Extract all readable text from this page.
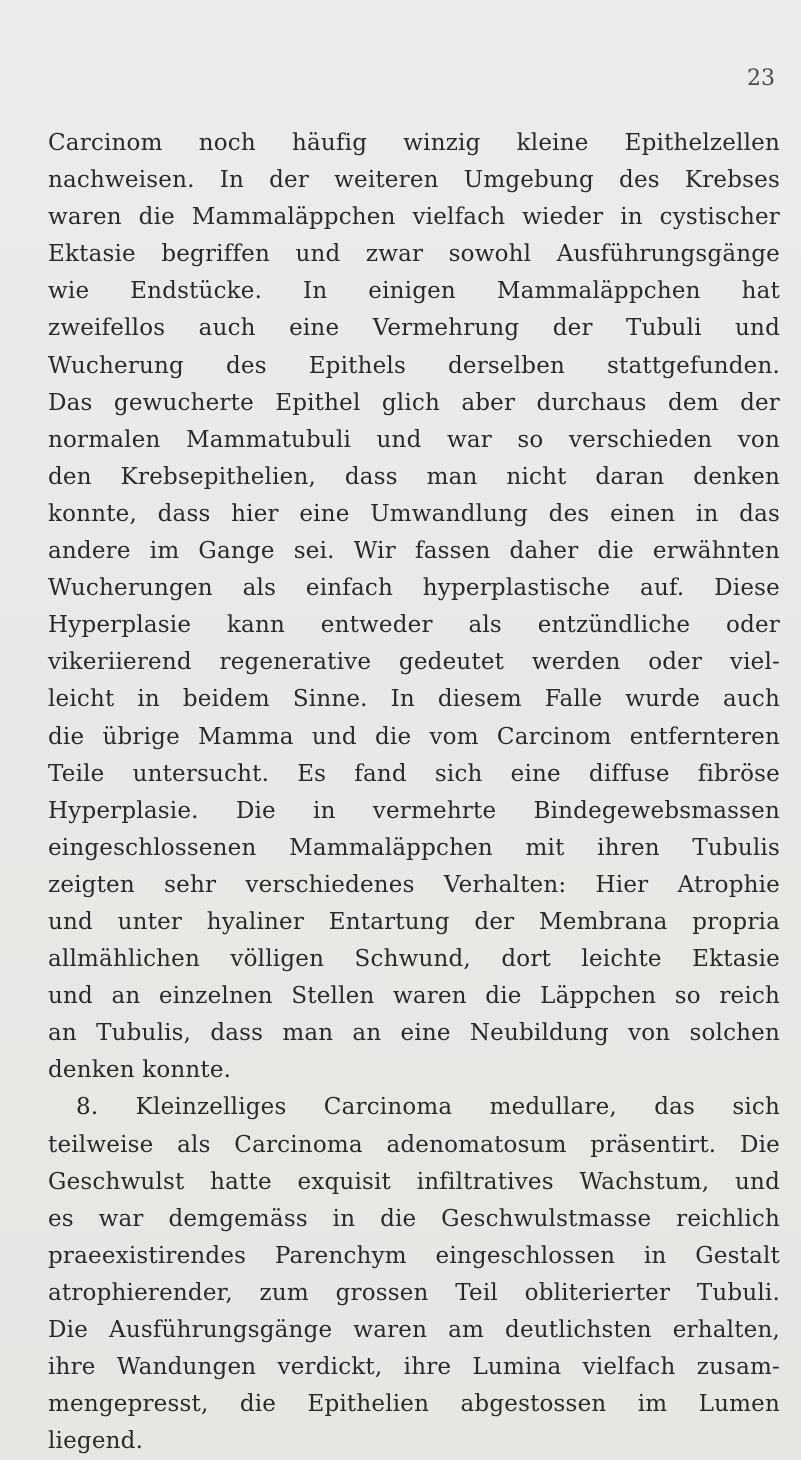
23
Carcinom noch häufig winzig kleine Epithelzellen
nachweisen. In der weiteren Umgebung des Krebses
waren die Mammaläppchen vielfach wieder in cystischer
Ektasie begriffen und zwar sowohl Ausführungsgänge
wie Endstücke. In einigen Mammaläppchen hat
zweifellos auch eine Vermehrung der Tubuli und
Wucherung des Epithels derselben stattgefunden.
Das gewucherte Epithel glich aber durchaus dem der
normalen Mammatubuli und war so verschieden von
den Krebsepithelien, dass man nicht daran denken
konnte, dass hier eine Umwandlung des einen in das
andere im Gange sei. Wir fassen daher die erwähnten
Wucherungen als einfach hyperplastische auf. Diese
Hyperplasie kann entweder als entzündliche oder
vikeriierend regenerative gedeutet werden oder viel-
leicht in beidem Sinne. In diesem Falle wurde auch
die übrige Mamma und die vom Carcinom entfernteren
Teile untersucht. Es fand sich eine diffuse fibröse
Hyperplasie. Die in vermehrte Bindegewebsmassen
eingeschlossenen Mammaläppchen mit ihren Tubulis
zeigten sehr verschiedenes Verhalten: Hier Atrophie
und unter hyaliner Entartung der Membrana propria
allmählichen völligen Schwund, dort leichte Ektasie
und an einzelnen Stellen waren die Läppchen so reich
an Tubulis, dass man an eine Neubildung von solchen
denken konnte.
8. Kleinzelliges Carcinoma medullare, das sich
teilweise als Carcinoma adenomatosum präsentirt. Die
Geschwulst hatte exquisit infiltratives Wachstum, und
es war demgemäss in die Geschwulstmasse reichlich
praeexistirendes Parenchym eingeschlossen in Gestalt
atrophierender, zum grossen Teil obliterierter Tubuli.
Die Ausführungsgänge waren am deutlichsten erhalten,
ihre Wandungen verdickt, ihre Lumina vielfach zusam-
mengepresst, die Epithelien abgestossen im Lumen
liegend.
